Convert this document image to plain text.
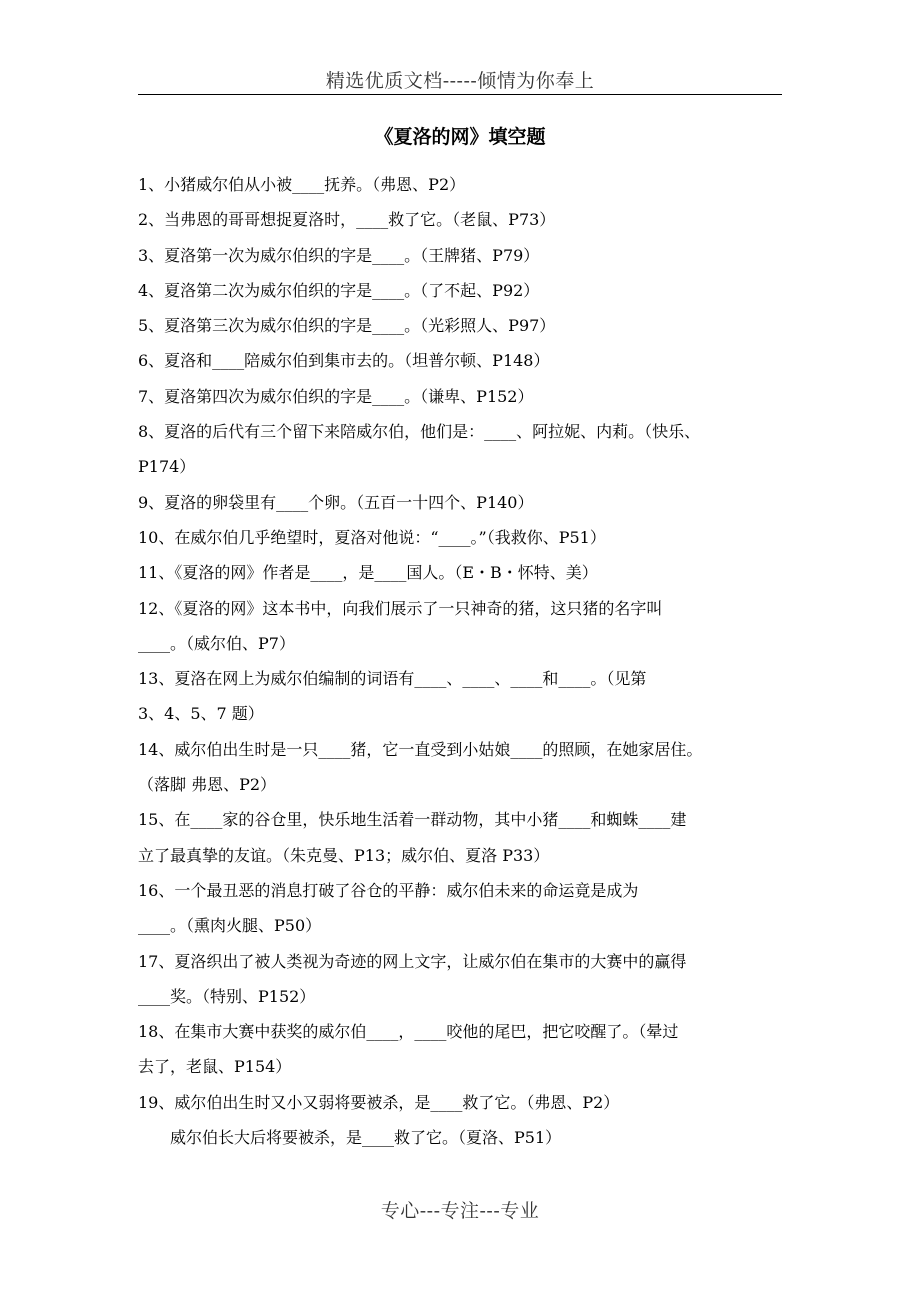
精选优质文档-----倾情为你奉上
《夏洛的网》填空题
1、小猪威尔伯从小被____抚养。（弗恩、P2）
2、当弗恩的哥哥想捉夏洛时，____救了它。（老鼠、P73）
3、夏洛第一次为威尔伯织的字是____。（王牌猪、P79）
4、夏洛第二次为威尔伯织的字是____。（了不起、P92）
5、夏洛第三次为威尔伯织的字是____。（光彩照人、P97）
6、夏洛和____陪威尔伯到集市去的。（坦普尔顿、P148）
7、夏洛第四次为威尔伯织的字是____。（谦卑、P152）
8、夏洛的后代有三个留下来陪威尔伯，他们是：____、阿拉妮、内莉。（快乐、
P174）
9、夏洛的卵袋里有____个卵。（五百一十四个、P140）
10、在威尔伯几乎绝望时，夏洛对他说：“____。”（我救你、P51）
11、《夏洛的网》作者是____，是____国人。（E・B・怀特、美）
12、《夏洛的网》这本书中，向我们展示了一只神奇的猪，这只猪的名字叫
____。（威尔伯、P7）
13、夏洛在网上为威尔伯编制的词语有____、____、____和____。（见第
3、4、5、7 题）
14、威尔伯出生时是一只____猪，它一直受到小姑娘____的照顾，在她家居住。
（落脚 弗恩、P2）
15、在____家的谷仓里，快乐地生活着一群动物，其中小猪____和蜘蛛____建
立了最真挚的友谊。（朱克曼、P13；威尔伯、夏洛 P33）
16、一个最丑恶的消息打破了谷仓的平静：威尔伯未来的命运竟是成为
____。（熏肉火腿、P50）
17、夏洛织出了被人类视为奇迹的网上文字，让威尔伯在集市的大赛中的赢得
____奖。（特别、P152）
18、在集市大赛中获奖的威尔伯____，____咬他的尾巴，把它咬醒了。（晕过
去了，老鼠、P154）
19、威尔伯出生时又小又弱将要被杀，是____救了它。（弗恩、P2）
威尔伯长大后将要被杀，是____救了它。（夏洛、P51）
专心---专注---专业
